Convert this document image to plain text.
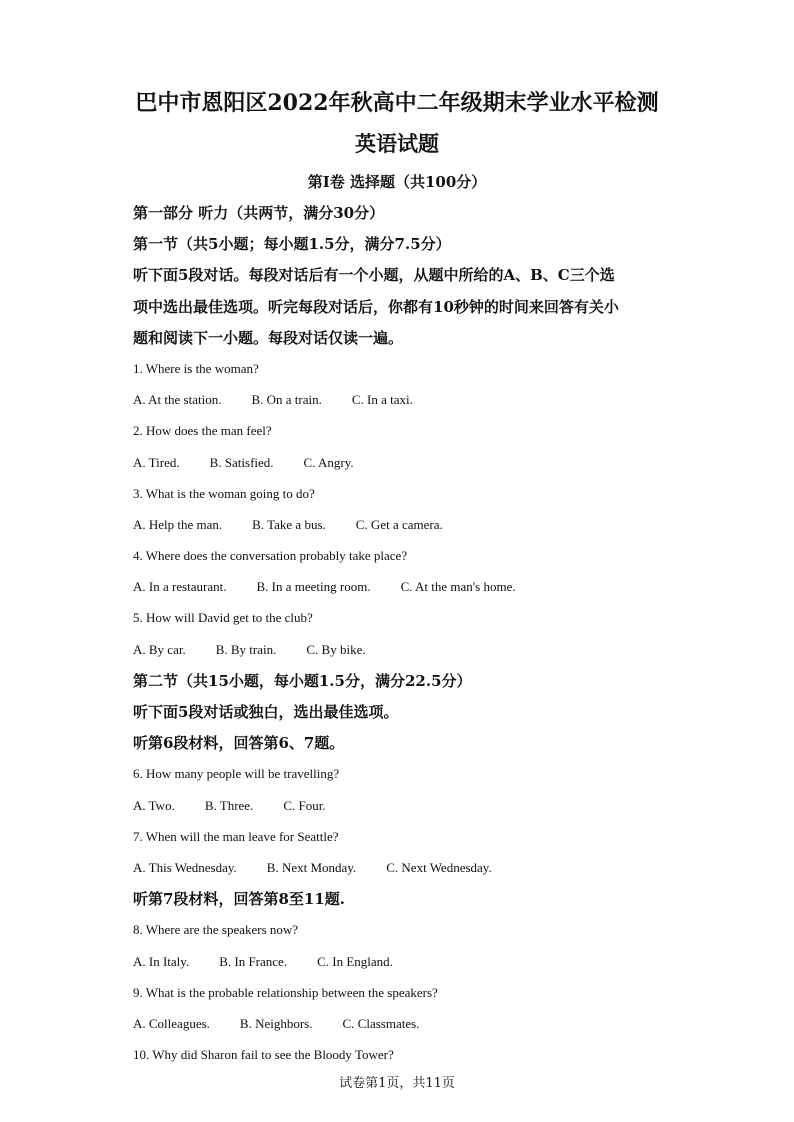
巴中市恩阳区2022年秋高中二年级期末学业水平检测
英语试题
第I卷 选择题（共100分）
第一部分 听力（共两节，满分30分）
第一节（共5小题；每小题1.5分，满分7.5分）
听下面5段对话。每段对话后有一个小题，从题中所给的A、B、C三个选
项中选出最佳选项。听完每段对话后，你都有10秒钟的时间来回答有关小
题和阅读下一小题。每段对话仅读一遍。
1. Where is the woman?
A. At the station. B. On a train. C. In a taxi.
2. How does the man feel?
A. Tired. B. Satisfied. C. Angry.
3. What is the woman going to do?
A. Help the man. B. Take a bus. C. Get a camera.
4. Where does the conversation probably take place?
A. In a restaurant. B. In a meeting room. C. At the man's home.
5. How will David get to the club?
A. By car. B. By train. C. By bike.
第二节（共15小题，每小题1.5分，满分22.5分）
听下面5段对话或独白，选出最佳选项。
听第6段材料，回答第6、7题。
6. How many people will be travelling?
A. Two. B. Three. C. Four.
7. When will the man leave for Seattle?
A. This Wednesday. B. Next Monday. C. Next Wednesday.
听第7段材料，回答第8至11题.
8. Where are the speakers now?
A. In Italy. B. In France. C. In England.
9. What is the probable relationship between the speakers?
A. Colleagues. B. Neighbors. C. Classmates.
10. Why did Sharon fail to see the Bloody Tower?
试卷第1页，共11页
